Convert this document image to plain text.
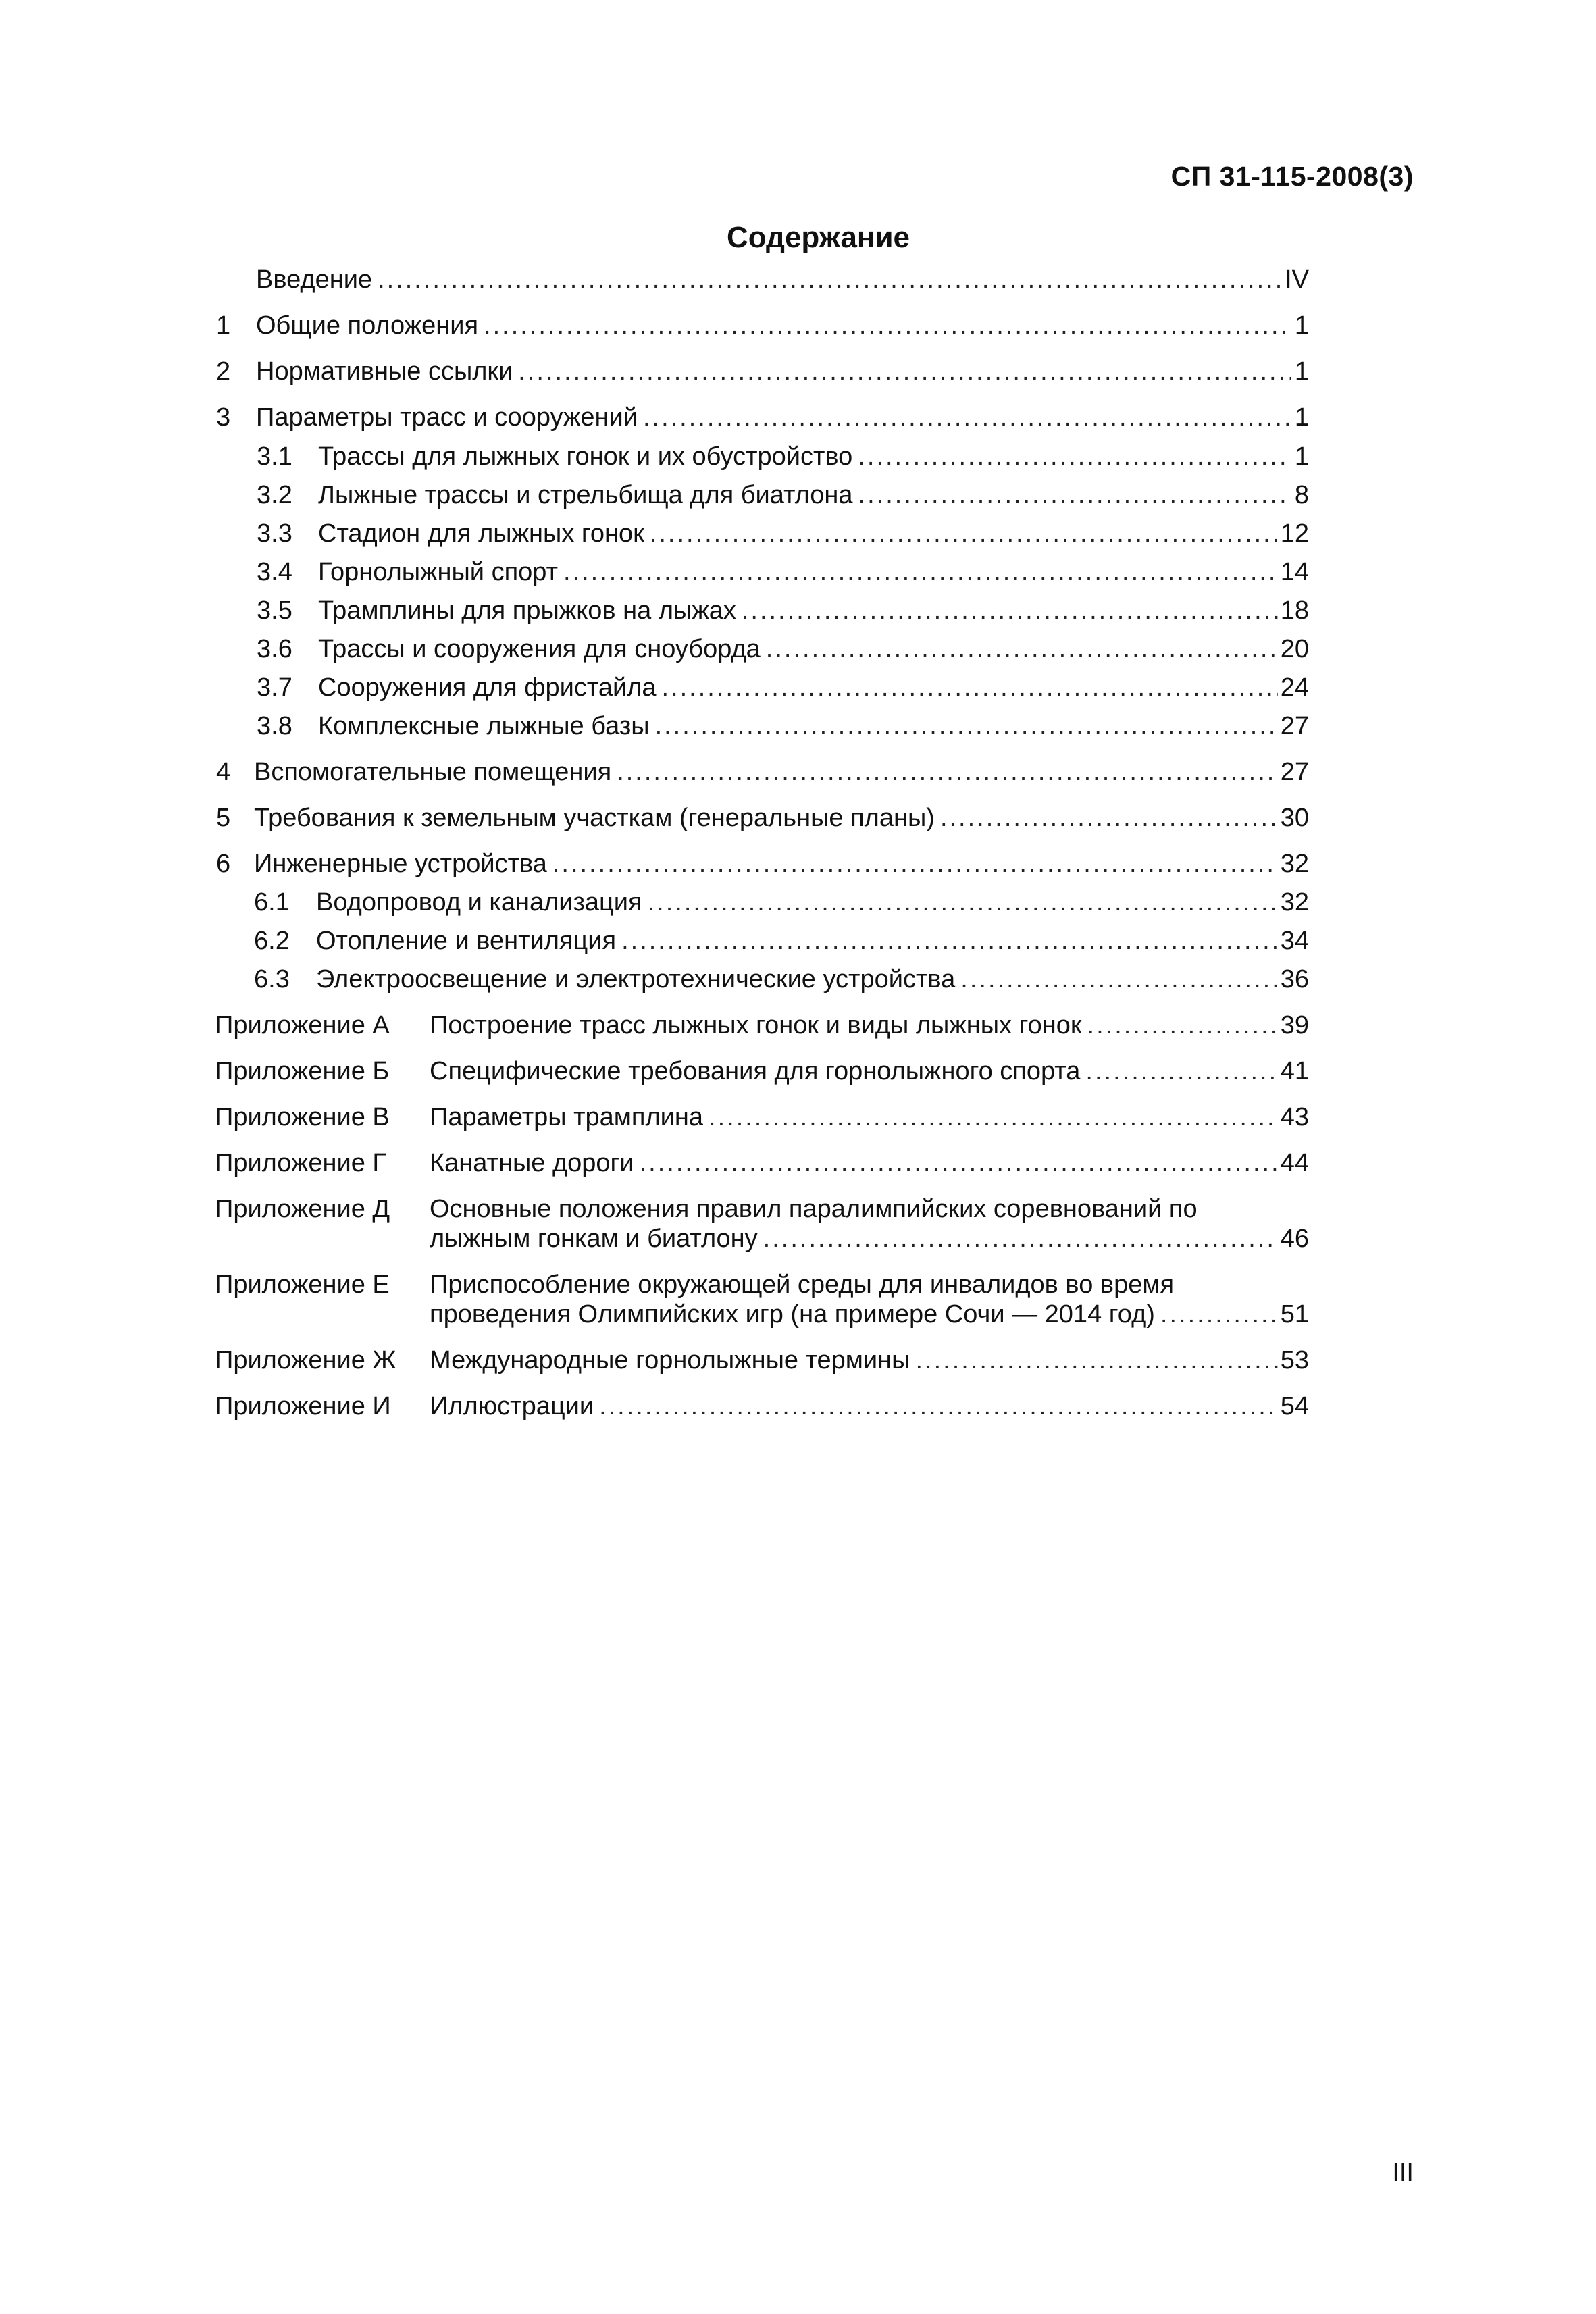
СП 31-115-2008(3)
Содержание
Введение .....	IV
1 Общие положения .....	1
2 Нормативные ссылки .....	1
3 Параметры трасс и сооружений .....	1
3.1 Трассы для лыжных гонок и их обустройство .....	1
3.2 Лыжные трассы и стрельбища для биатлона .....	8
3.3 Стадион для лыжных гонок .....	12
3.4 Горнолыжный спорт .....	14
3.5 Трамплины для прыжков на лыжах .....	18
3.6 Трассы и сооружения для сноуборда .....	20
3.7 Сооружения для фристайла .....	24
3.8 Комплексные лыжные базы .....	27
4 Вспомогательные помещения .....	27
5 Требования к земельным участкам (генеральные планы) .....	30
6 Инженерные устройства .....	32
6.1 Водопровод и канализация .....	32
6.2 Отопление и вентиляция .....	34
6.3 Электроосвещение и электротехнические устройства .....	36
Приложение А Построение трасс лыжных гонок и виды лыжных гонок .....	39
Приложение Б Специфические требования для горнолыжного спорта .....	41
Приложение В Параметры трамплина .....	43
Приложение Г Канатные дороги .....	44
Приложение Д Основные положения правил паралимпийских соревнований по
лыжным гонкам и биатлону .....	46
Приложение Е Приспособление окружающей среды для инвалидов во время
проведения Олимпийских игр (на примере Сочи — 2014 год) .....	51
Приложение Ж Международные горнолыжные термины .....	53
Приложение И Иллюстрации .....	54
III
